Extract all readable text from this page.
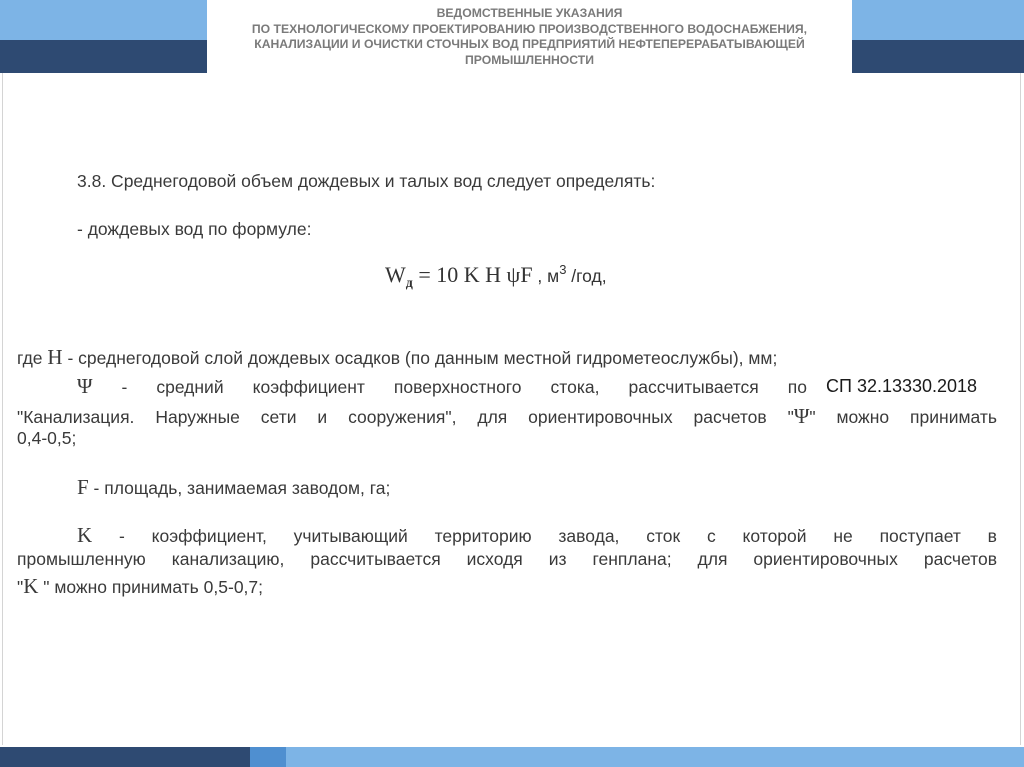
ВЕДОМСТВЕННЫЕ УКАЗАНИЯ
ПО ТЕХНОЛОГИЧЕСКОМУ ПРОЕКТИРОВАНИЮ ПРОИЗВОДСТВЕННОГО ВОДОСНАБЖЕНИЯ,
КАНАЛИЗАЦИИ И ОЧИСТКИ СТОЧНЫХ ВОД ПРЕДПРИЯТИЙ НЕФТЕПЕРЕРАБАТЫВАЮЩЕЙ
ПРОМЫШЛЕННОСТИ
3.8. Среднегодовой объем дождевых и талых вод следует определять:
- дождевых вод по формуле:
Wд = 10 K H ψF , $м^3$ /год,
где H - среднегодовой слой дождевых осадков (по данным местной гидрометеослужбы), мм;
Ψ - средний коэффициент поверхностного стока, рассчитывается по СП 32.13330.2018
"Канализация. Наружные сети и сооружения", для ориентировочных расчетов "Ψ" можно принимать
0,4-0,5;
F - площадь, занимаемая заводом, га;
K - коэффициент, учитывающий территорию завода, сток с которой не поступает в
промышленную канализацию, рассчитывается исходя из генплана; для ориентировочных расчетов
"K " можно принимать 0,5-0,7;
